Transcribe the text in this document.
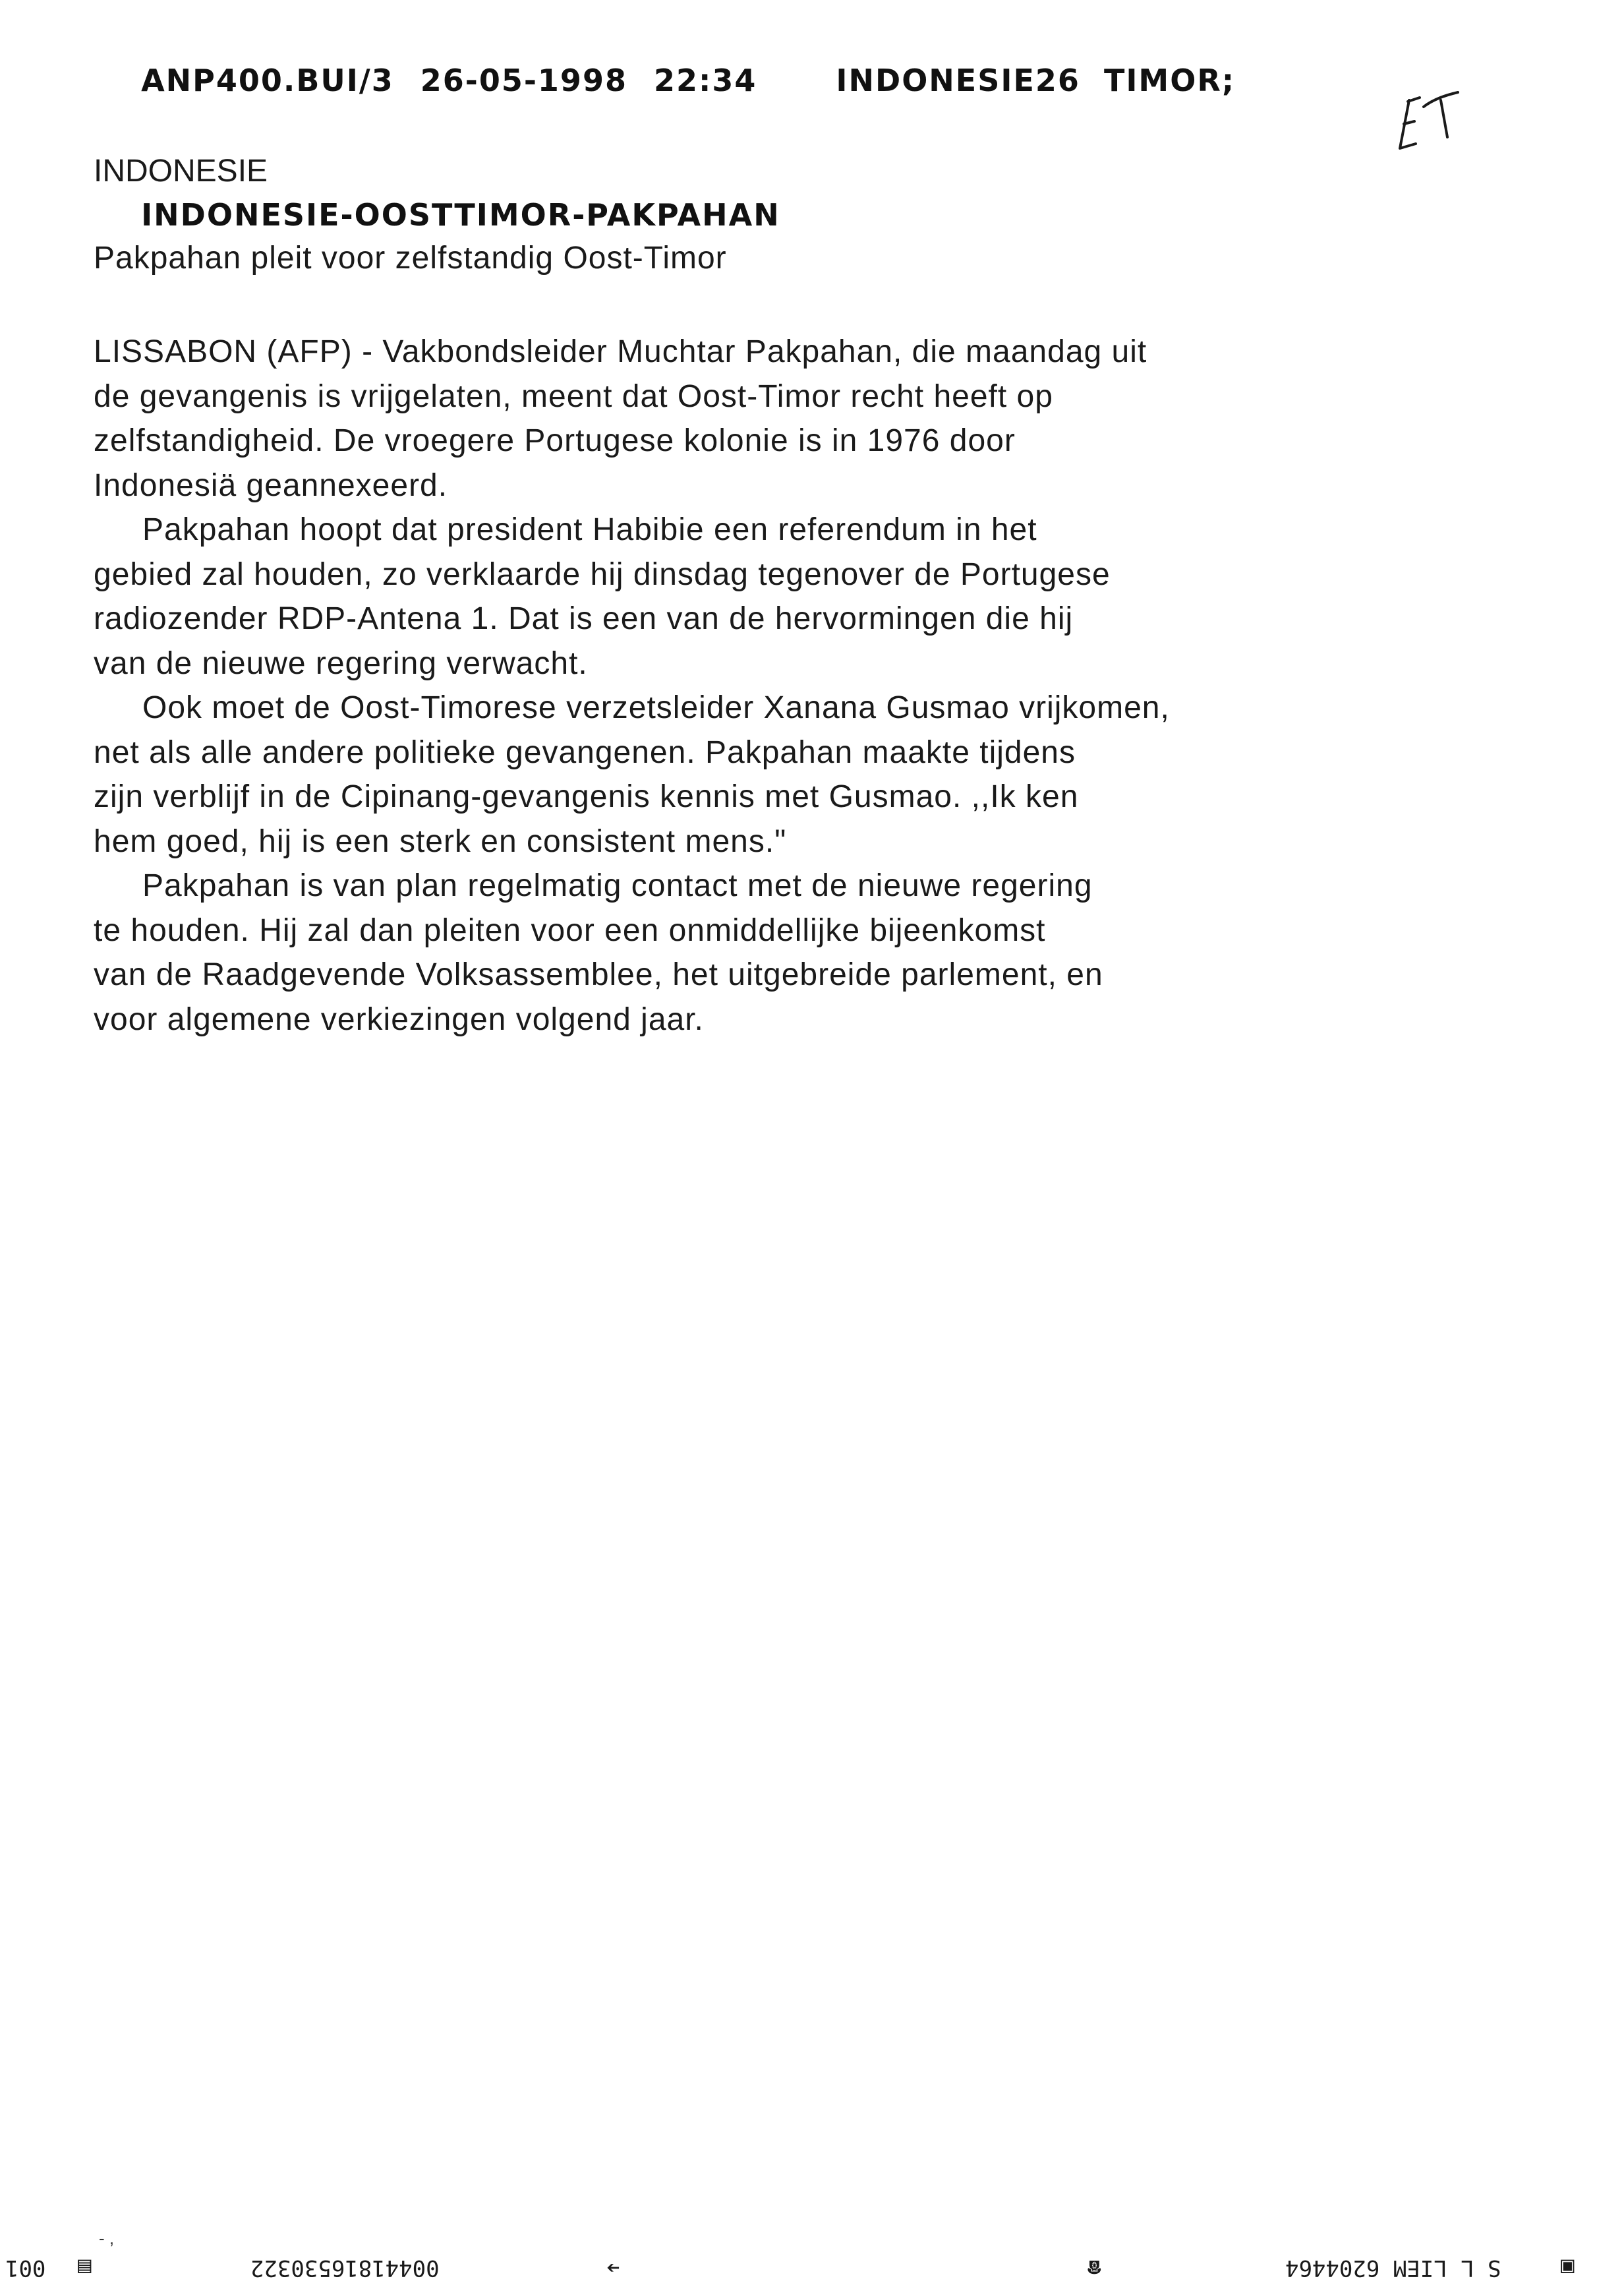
ANP400.BUI/3 26-05-1998 22:34	INDONESIE26  TIMOR;

INDONESIE-OOSTTIMOR-PAKPAHAN

INDONESIE
Pakpahan pleit voor zelfstandig Oost-Timor
LISSABON (AFP) - Vakbondsleider Muchtar Pakpahan, die maandag uit
de gevangenis is vrijgelaten, meent dat Oost-Timor recht heeft op
zelfstandigheid. De vroegere Portugese kolonie is in 1976 door
Indonesiä geannexeerd.
Pakpahan hoopt dat president Habibie een referendum in het
gebied zal houden, zo verklaarde hij dinsdag tegenover de Portugese
radiozender RDP-Antena 1. Dat is een van de hervormingen die hij
van de nieuwe regering verwacht.
Ook moet de Oost-Timorese verzetsleider Xanana Gusmao vrijkomen,
net als alle andere politieke gevangenen. Pakpahan maakte tijdens
zijn verblijf in de Cipinang-gevangenis kennis met Gusmao. ,,Ik ken
hem goed, hij is een sterk en consistent mens."
Pakpahan is van plan regelmatig contact met de nieuwe regering
te houden. Hij zal dan pleiten voor een onmiddellijke bijeenkomst
van de Raadgevende Volksassemblee, het uitgebreide parlement, en
voor algemene verkiezingen volgend jaar.
- ,
▣
S L LIEM 6204464
☎
➔
00441816530322
▤
001
